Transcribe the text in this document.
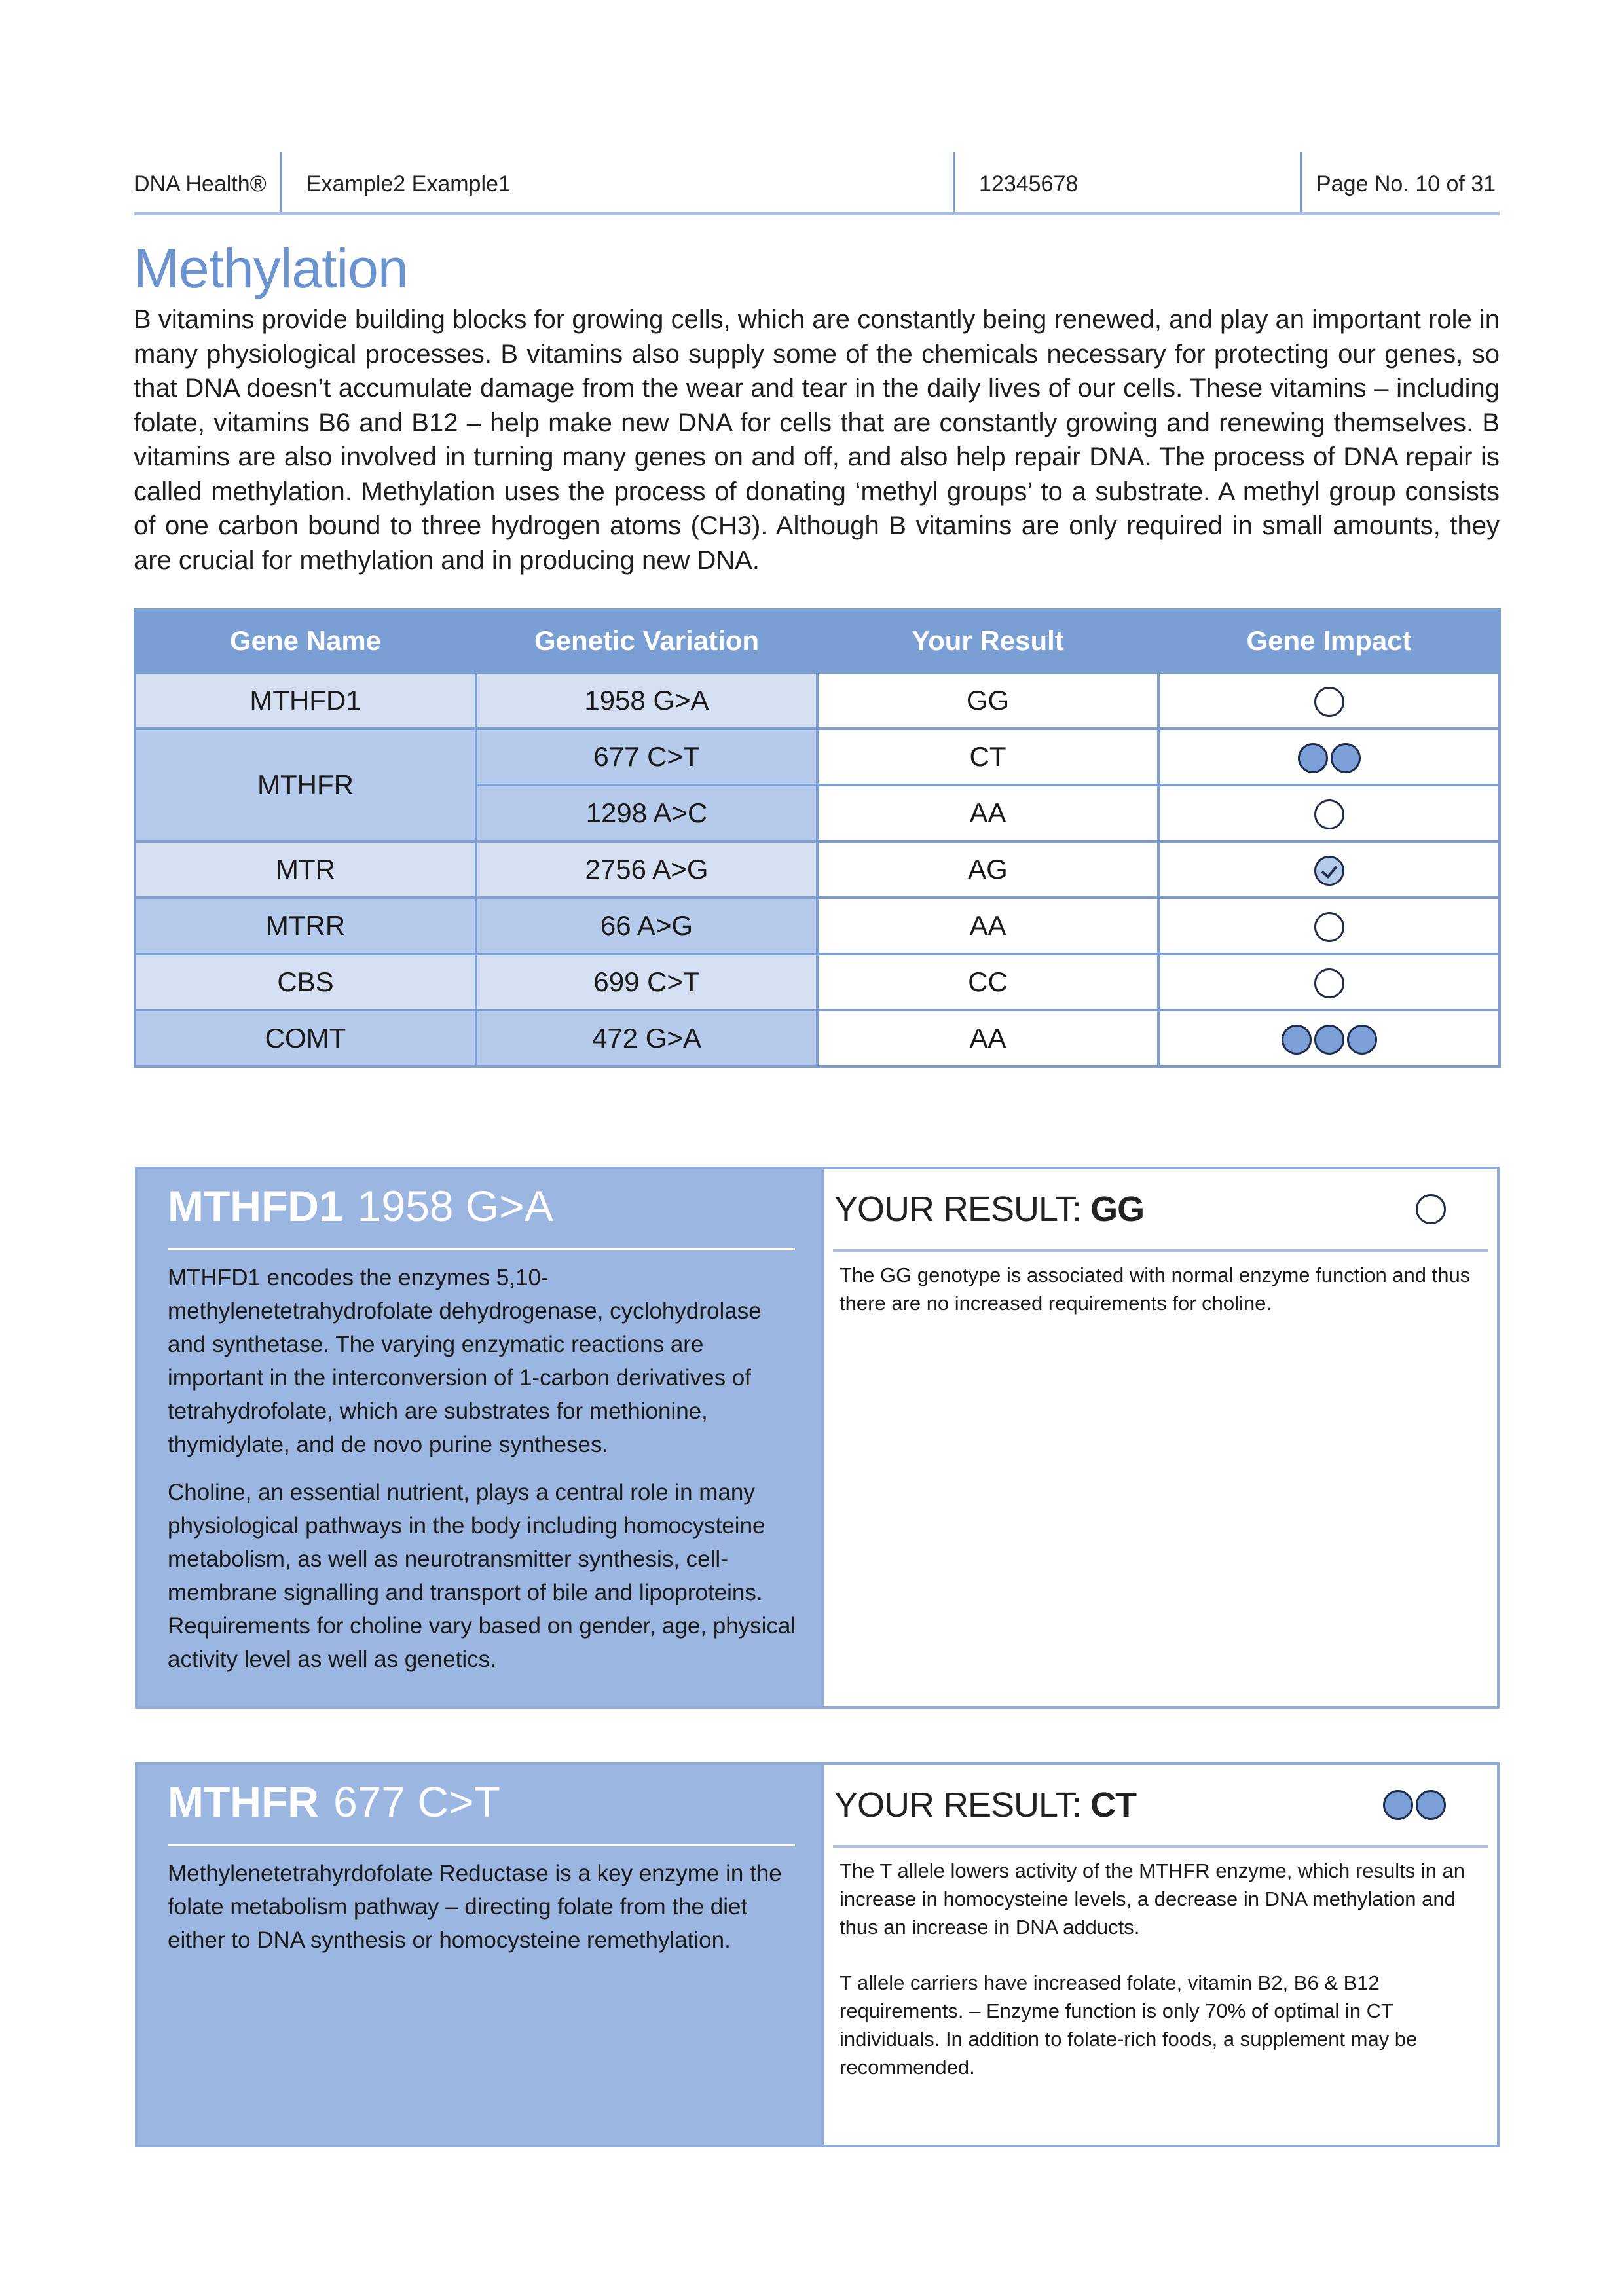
DNA Health® Example2 Example1	12345678	Page No. 10 of 31
Methylation
B vitamins provide building blocks for growing cells, which are constantly being renewed, and play an important role in many physiological processes. B vitamins also supply some of the chemicals necessary for protecting our genes, so that DNA doesn’t accumulate damage from the wear and tear in the daily lives of our cells. These vitamins – including folate, vitamins B6 and B12 – help make new DNA for cells that are constantly growing and renewing themselves. B vitamins are also involved in turning many genes on and off, and also help repair DNA. The process of DNA repair is called methylation. Methylation uses the process of donating ‘methyl groups’ to a substrate. A methyl group consists of one carbon bound to three hydrogen atoms (CH3). Although B vitamins are only required in small amounts, they are crucial for methylation and in producing new DNA.
Gene Name	Genetic Variation	Your Result	Gene Impact
MTHFD1	1958 G>A	GG	

MTHFR	677 C>T	CT	

	1298 A>C	AA	

MTR	2756 A>G	AG	

MTRR	66 A>G	AA	

CBS	699 C>T	CC	

COMT	472 G>A	AA	
MTHFD1 1958 G>A

MTHFD1 encodes the enzymes 5,10-methylenetetrahydrofolate dehydrogenase, cyclohydrolase and synthetase. The varying enzymatic reactions are important in the interconversion of 1-carbon derivatives of tetrahydrofolate, which are substrates for methionine, thymidylate, and de novo purine syntheses.

Choline, an essential nutrient, plays a central role in many physiological pathways in the body including homocysteine metabolism, as well as neurotransmitter synthesis, cell-membrane signalling and transport of bile and lipoproteins. Requirements for choline vary based on gender, age, physical activity level as well as genetics.

YOUR RESULT: GG

The GG genotype is associated with normal enzyme function and thus there are no increased requirements for choline.

MTHFR 677 C>T

Methylenetetrahyrdofolate Reductase is a key enzyme in the folate metabolism pathway – directing folate from the diet either to DNA synthesis or homocysteine remethylation.

YOUR RESULT: CT

The T allele lowers activity of the MTHFR enzyme, which results in an increase in homocysteine levels, a decrease in DNA methylation and thus an increase in DNA adducts.

T allele carriers have increased folate, vitamin B2, B6 & B12 requirements. – Enzyme function is only 70% of optimal in CT individuals. In addition to folate-rich foods, a supplement may be recommended.
